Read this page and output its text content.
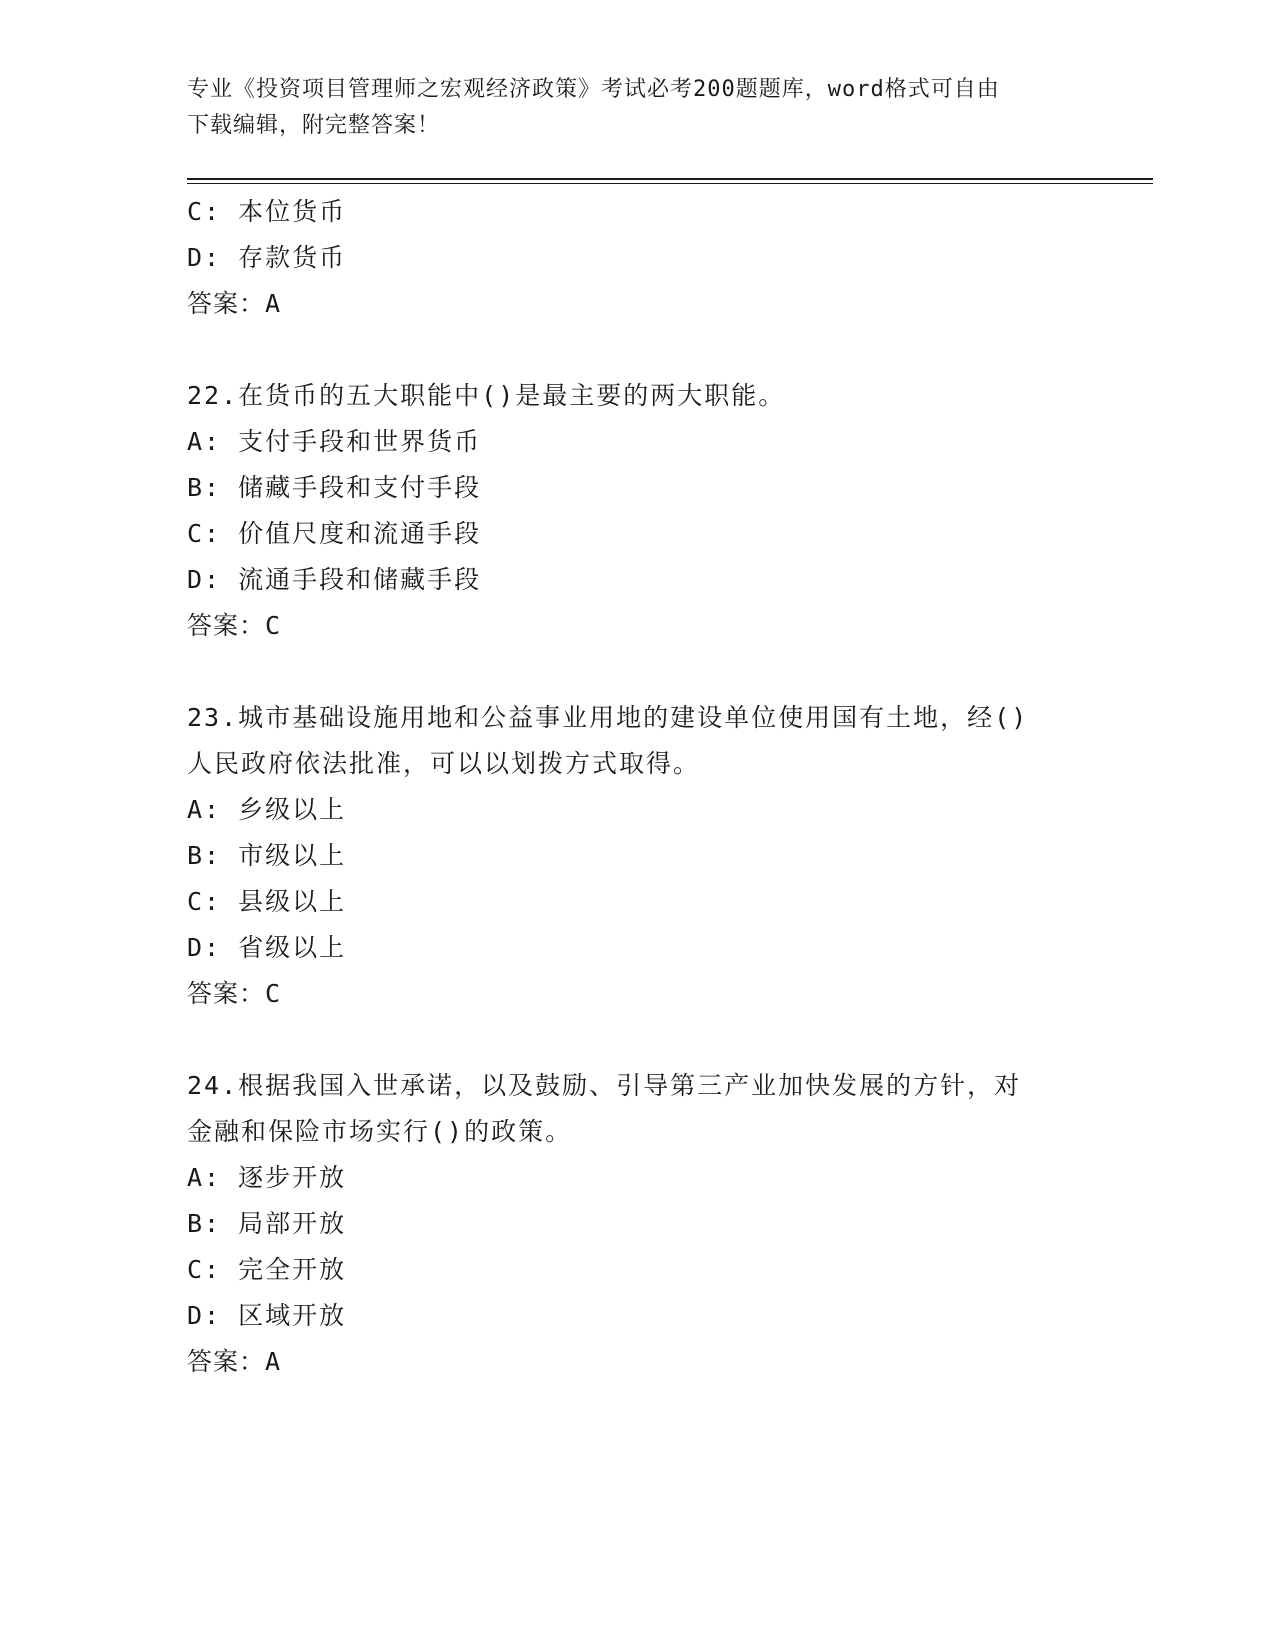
专业《投资项目管理师之宏观经济政策》考试必考200题题库，word格式可自由
下载编辑，附完整答案！
C: 本位货币
D: 存款货币
答案：A
22.在货币的五大职能中()是最主要的两大职能。
A: 支付手段和世界货币
B: 储藏手段和支付手段
C: 价值尺度和流通手段
D: 流通手段和储藏手段
答案：C
23.城市基础设施用地和公益事业用地的建设单位使用国有土地，经()
人民政府依法批准，可以以划拨方式取得。
A: 乡级以上
B: 市级以上
C: 县级以上
D: 省级以上
答案：C
24.根据我国入世承诺，以及鼓励、引导第三产业加快发展的方针，对
金融和保险市场实行()的政策。
A: 逐步开放
B: 局部开放
C: 完全开放
D: 区域开放
答案：A
